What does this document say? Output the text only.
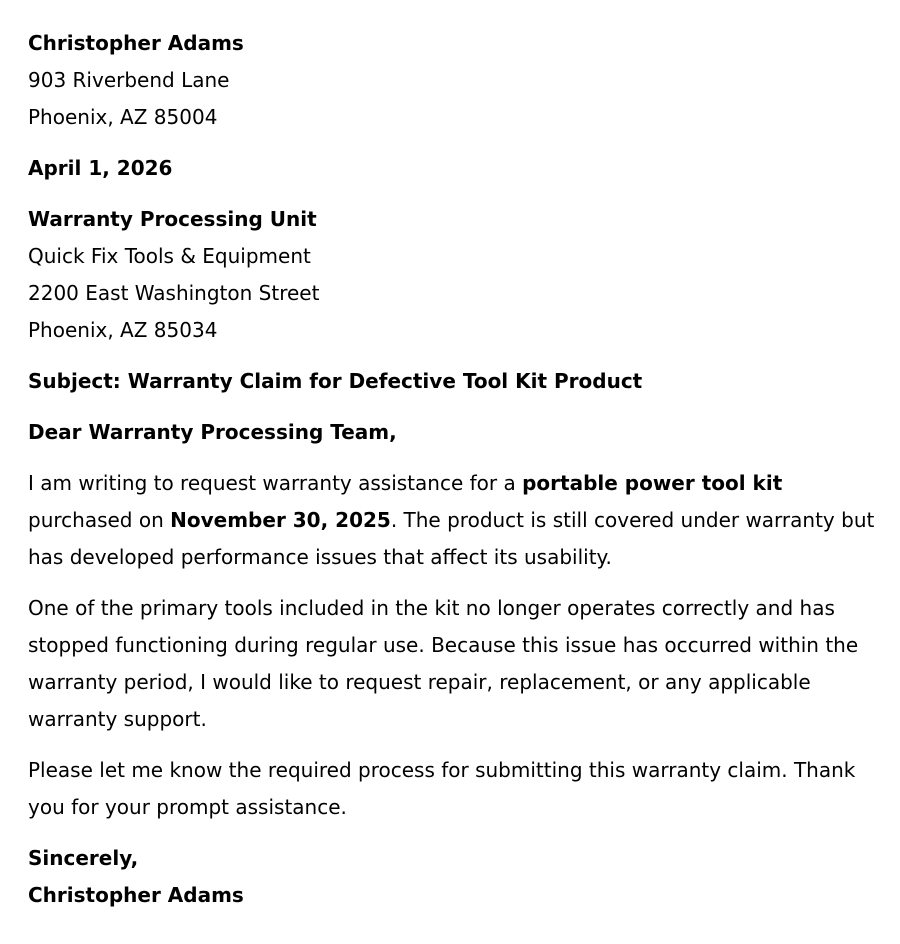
Christopher Adams

903 Riverbend Lane

Phoenix, AZ 85004

April 1, 2026

Warranty Processing Unit

Quick Fix Tools & Equipment

2200 East Washington Street

Phoenix, AZ 85034

Subject: Warranty Claim for Defective Tool Kit Product

Dear Warranty Processing Team,

I am writing to request warranty assistance for a portable power tool kit purchased on November 30, 2025. The product is still covered under warranty but has developed performance issues that affect its usability.

One of the primary tools included in the kit no longer operates correctly and has stopped functioning during regular use. Because this issue has occurred within the warranty period, I would like to request repair, replacement, or any applicable warranty support.

Please let me know the required process for submitting this warranty claim. Thank you for your prompt assistance.

Sincerely,

Christopher Adams
